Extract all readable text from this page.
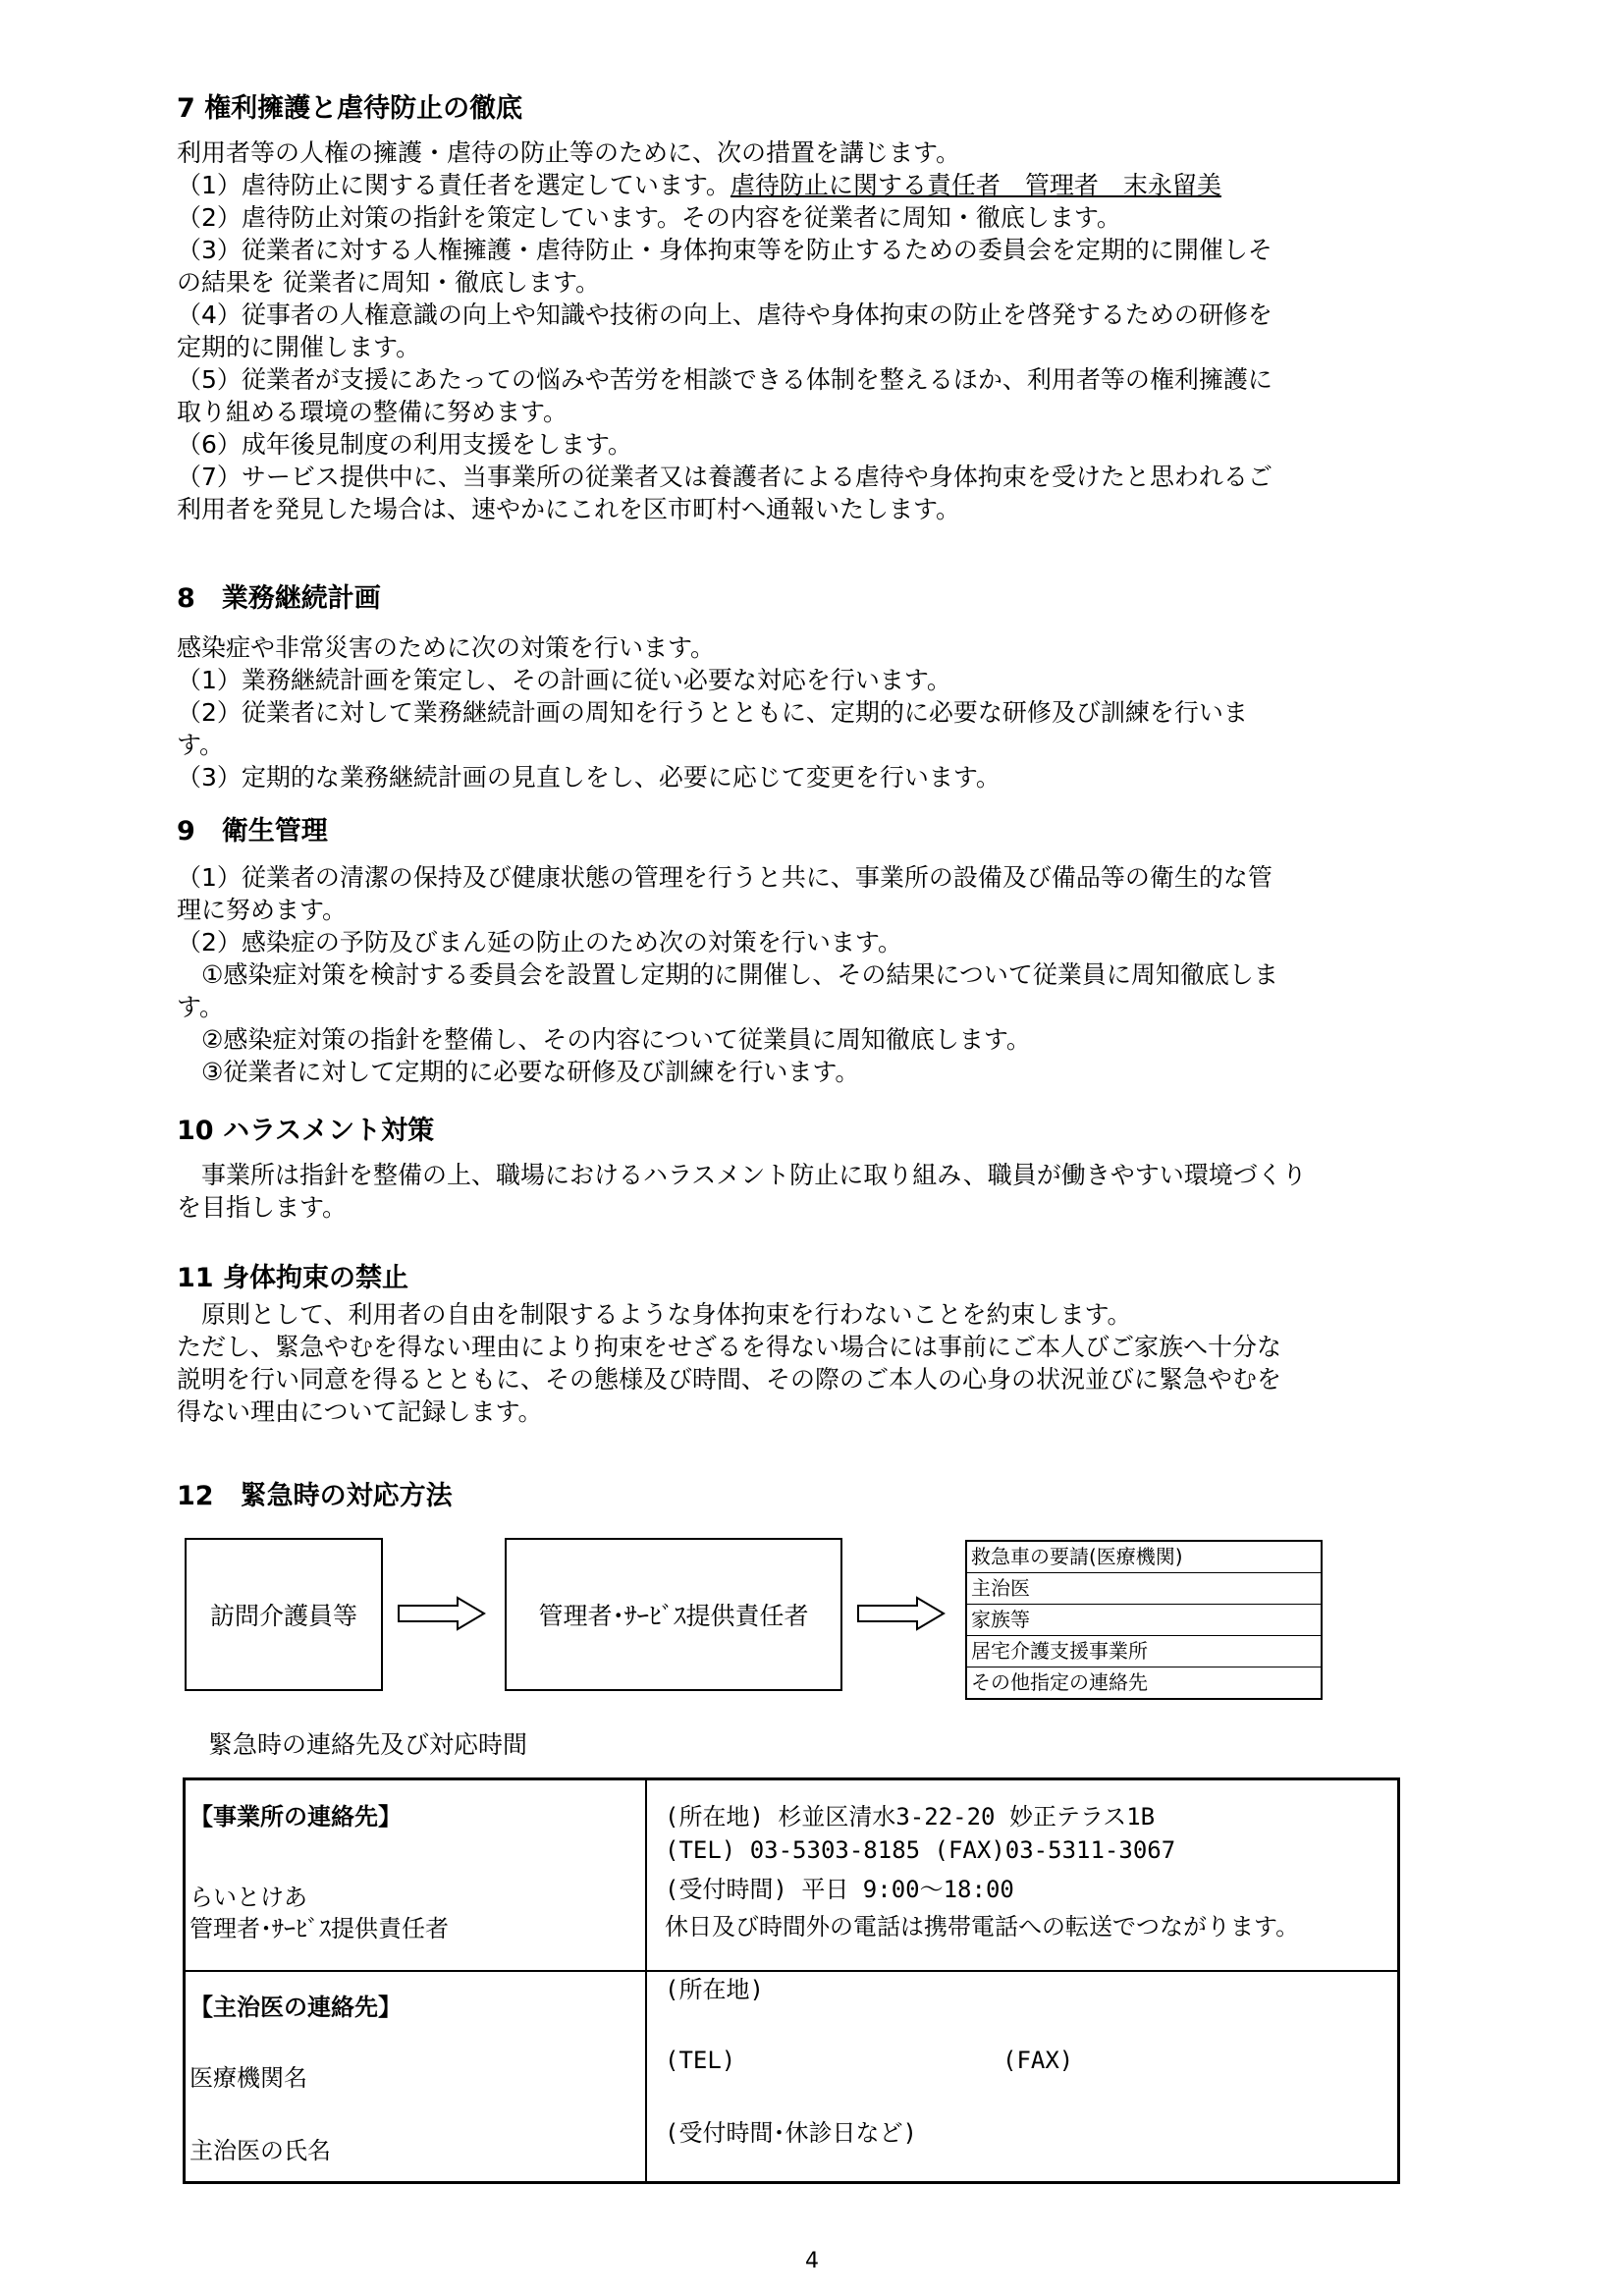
7 権利擁護と虐待防止の徹底
利用者等の人権の擁護・虐待の防止等のために、次の措置を講じます。
（1）虐待防止に関する責任者を選定しています。虐待防止に関する責任者　管理者　末永留美
（2）虐待防止対策の指針を策定しています。その内容を従業者に周知・徹底します。
（3）従業者に対する人権擁護・虐待防止・身体拘束等を防止するための委員会を定期的に開催しそ
の結果を 従業者に周知・徹底します。
（4）従事者の人権意識の向上や知識や技術の向上、虐待や身体拘束の防止を啓発するための研修を
定期的に開催します。
（5）従業者が支援にあたっての悩みや苦労を相談できる体制を整えるほか、利用者等の権利擁護に
取り組める環境の整備に努めます。
（6）成年後見制度の利用支援をします。
（7）サービス提供中に、当事業所の従業者又は養護者による虐待や身体拘束を受けたと思われるご
利用者を発見した場合は、速やかにこれを区市町村へ通報いたします。
8　業務継続計画
感染症や非常災害のために次の対策を行います。
（1）業務継続計画を策定し、その計画に従い必要な対応を行います。
（2）従業者に対して業務継続計画の周知を行うとともに、定期的に必要な研修及び訓練を行いま
す。
（3）定期的な業務継続計画の見直しをし、必要に応じて変更を行います。
9　衛生管理
（1）従業者の清潔の保持及び健康状態の管理を行うと共に、事業所の設備及び備品等の衛生的な管
理に努めます。
（2）感染症の予防及びまん延の防止のため次の対策を行います。
　①感染症対策を検討する委員会を設置し定期的に開催し、その結果について従業員に周知徹底しま
す。
　②感染症対策の指針を整備し、その内容について従業員に周知徹底します。
　③従業者に対して定期的に必要な研修及び訓練を行います。
10 ハラスメント対策
　事業所は指針を整備の上、職場におけるハラスメント防止に取り組み、職員が働きやすい環境づくり
を目指します。
11 身体拘束の禁止
　原則として、利用者の自由を制限するような身体拘束を行わないことを約束します。
ただし、緊急やむを得ない理由により拘束をせざるを得ない場合には事前にご本人びご家族へ十分な
説明を行い同意を得るとともに、その態様及び時間、その際のご本人の心身の状況並びに緊急やむを
得ない理由について記録します。
12　緊急時の対応方法
訪問介護員等	管理者･ｻｰﾋﾞｽ提供責任者
救急車の要請(医療機関)
主治医
家族等
居宅介護支援事業所
その他指定の連絡先
緊急時の連絡先及び対応時間
【事業所の連絡先】
らいとけあ
管理者･ｻｰﾋﾞｽ提供責任者
(所在地) 杉並区清水3-22-20 妙正テラス1B
(TEL) 03-5303-8185 (FAX)03-5311-3067
(受付時間) 平日 9:00～18:00
休日及び時間外の電話は携帯電話への転送でつながります。
【主治医の連絡先】
医療機関名
主治医の氏名
(所在地)
(TEL)	(FAX)
(受付時間･休診日など)
4
